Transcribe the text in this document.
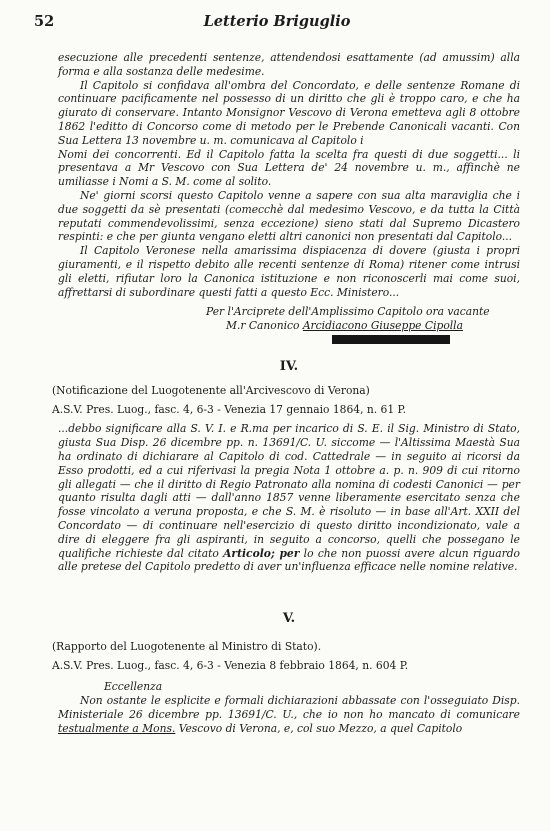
52	Letterio Briguglio

esecuzione alle precedenti sentenze, attendendosi esattamente (ad amussim) alla forma e alla sostanza delle medesime.

Il Capitolo si confidava all'ombra del Concordato, e delle sentenze Romane di continuare pacificamente nel possesso di un diritto che gli è troppo caro, e che ha giurato di conservare. Intanto Monsignor Vescovo di Verona emetteva agli 8 ottobre 1862 l'editto di Concorso come di metodo per le Prebende Canonicali vacanti. Con Sua Lettera 13 novembre u. m. comunicava al Capitolo i

Nomi dei concorrenti. Ed il Capitolo fatta la scelta fra questi di due soggetti... li presentava a Mr Vescovo con Sua Lettera de' 24 novembre u. m., affinchè ne umiliasse i Nomi a S. M. come al solito.

Ne' giorni scorsi questo Capitolo venne a sapere con sua alta maraviglia che i due soggetti da sè presentati (comecchè dal medesimo Vescovo, e da tutta la Città reputati commendevolissimi, senza eccezione) sieno stati dal Supremo Dicastero respinti: e che per giunta vengano eletti altri canonici non presentati dal Capitolo...

Il Capitolo Veronese nella amarissima dispiacenza di dovere (giusta i propri giuramenti, e il rispetto debito alle recenti sentenze di Roma) ritener come intrusi gli eletti, rifiutar loro la Canonica istituzione e non riconoscerli mai come suoi, affrettarsi di subordinare questi fatti a questo Ecc. Ministero...

Per l'Arciprete dell'Amplissimo Capitolo ora vacante

M.r Canonico Arcidiacono Giuseppe Cipolla

IV.

(Notificazione del Luogotenente all'Arcivescovo di Verona)

A.S.V. Pres. Luog., fasc. 4, 6-3 - Venezia 17 gennaio 1864, n. 61 P.

...debbo significare alla S. V. I. e R.ma per incarico di S. E. il Sig. Ministro di Stato, giusta Sua Disp. 26 dicembre pp. n. 13691/C. U. siccome — l'Altissima Maestà Sua ha ordinato di dichiarare al Capitolo di cod. Cattedrale — in seguito ai ricorsi da Esso prodotti, ed a cui riferivasi la pregia Nota 1 ottobre a. p. n. 909 di cui ritorno gli allegati — che il diritto di Regio Patronato alla nomina di codesti Canonici — per quanto risulta dagli atti — dall'anno 1857 venne liberamente esercitato senza che fosse vincolato a veruna proposta, e che S. M. è risoluto — in base all'Art. XXII del Concordato — di continuare nell'esercizio di questo diritto incondizionato, vale a dire di eleggere fra gli aspiranti, in seguito a concorso, quelli che possegano le qualifiche richieste dal citato Articolo; per lo che non puossi avere alcun riguardo alle pretese del Capitolo predetto di aver un'influenza efficace nelle nomine relative.

V.

(Rapporto del Luogotenente al Ministro di Stato).

A.S.V. Pres. Luog., fasc. 4, 6-3 - Venezia 8 febbraio 1864, n. 604 P.

Eccellenza

Non ostante le esplicite e formali dichiarazioni abbassate con l'osseguiato Disp. Ministeriale 26 dicembre pp. 13691/C. U., che io non ho mancato di comunicare testualmente a Mons. Vescovo di Verona, e, col suo Mezzo, a quel Capitolo
